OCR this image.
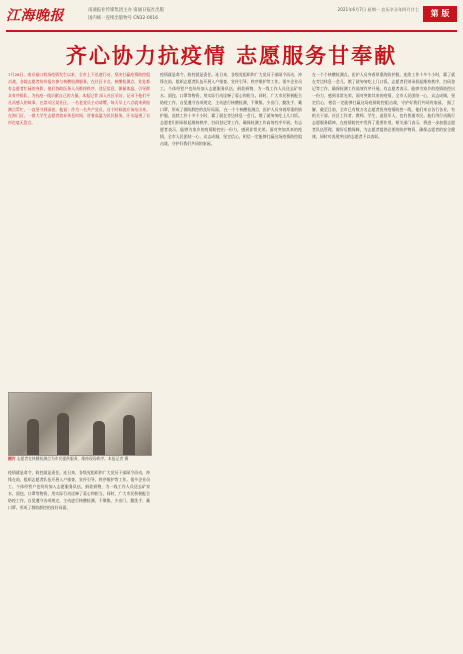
江海晚报	南通报业传媒集团主办 南通日报社出版
国内统一连续出版物号 CN32-0016
2021年6月7日 星期一 农历辛丑年四月廿七	第 版
齐心协力抗疫情 志愿服务甘奉献
7月28日，南京禄口机场疫情发生以来，全市上下迅速行动，坚决打赢疫情防控阻击战，各地志愿者纷纷报名参与核酸检测服务。在社区卡点、核酸检测点，处处都有志愿者忙碌的身影，他们协助医务人员维持秩序、登记信息、测量体温、引导群众有序排队，为抗疫一线贡献自己的力量。本报记者 深入社区采访，记录下他们平凡而感人的故事。在崇川区某社区，一名老党员主动请缨，每天早上六点就来到检测点帮忙，一直坚守到深夜，他说：作为一名共产党员，这个时候就应该站出来。在海门区，一群大学生志愿者放弃休息时间，冒着高温为居民服务，汗水湿透了衣衫也毫无怨言。
图片 志愿者在核酸检测点为市民提供服务，维持现场秩序。本报记者 摄
疫情就是命令，防控就是责任。连日来，各级党组织和广大党员干部闻令而动，冲锋在前，组织志愿者队伍开展入户排查、宣传引导、秩序维护等工作。很多企业员工、个体经营户也纷纷加入志愿服务队伍，捐款捐物，为一线工作人员送去矿泉水、面包、口罩等物资，用实际行动诠释了爱心和担当。同时，广大市民积极配合防疫工作，自觉遵守各项规定，主动进行核酸检测，不聚集、少出门、勤洗手、戴口罩，形成了群防群控的良好局面。
疫情就是命令，防控就是责任。连日来，各级党组织和广大党员干部闻令而动，冲锋在前，组织志愿者队伍开展入户排查、宣传引导、秩序维护等工作。很多企业员工、个体经营户也纷纷加入志愿服务队伍，捐款捐物，为一线工作人员送去矿泉水、面包、口罩等物资，用实际行动诠释了爱心和担当。同时，广大市民积极配合防疫工作，自觉遵守各项规定，主动进行核酸检测，不聚集、少出门、勤洗手、戴口罩，形成了群防群控的良好局面。 在一个个核酸检测点，医护人员身着厚重的防护服，连续工作十多个小时，累了就在旁边休息一会儿，饿了就匆匆吃上几口饭。志愿者们则承担起维持秩序、扫码登记等工作，确保检测工作高效有序开展。有志愿者表示，能够为家乡的疫情防控出一份力，感到非常光荣。面对突如其来的疫情，全市人民团结一心，众志成城，坚定信心，相信一定能够打赢这场疫情防控阻击战，守护好我们共同的家园。
在一个个核酸检测点，医护人员身着厚重的防护服，连续工作十多个小时，累了就在旁边休息一会儿，饿了就匆匆吃上几口饭。志愿者们则承担起维持秩序、扫码登记等工作，确保检测工作高效有序开展。有志愿者表示，能够为家乡的疫情防控出一份力，感到非常光荣。面对突如其来的疫情，全市人民团结一心，众志成城，坚定信心，相信一定能够打赢这场疫情防控阻击战，守护好我们共同的家园。 据了解，截至目前，全市已有数万名志愿者投身疫情防控一线，他们来自各行各业，有机关干部、社区工作者、教师、学生、退役军人，也有普通市民。他们用行动践行志愿服务精神，在疫情防控中发挥了重要作用。相关部门表示，将进一步加强志愿者队伍管理，做好后勤保障，为志愿者提供必要的防护物资，确保志愿者的安全健康，同时对表现突出的志愿者予以表彰。
